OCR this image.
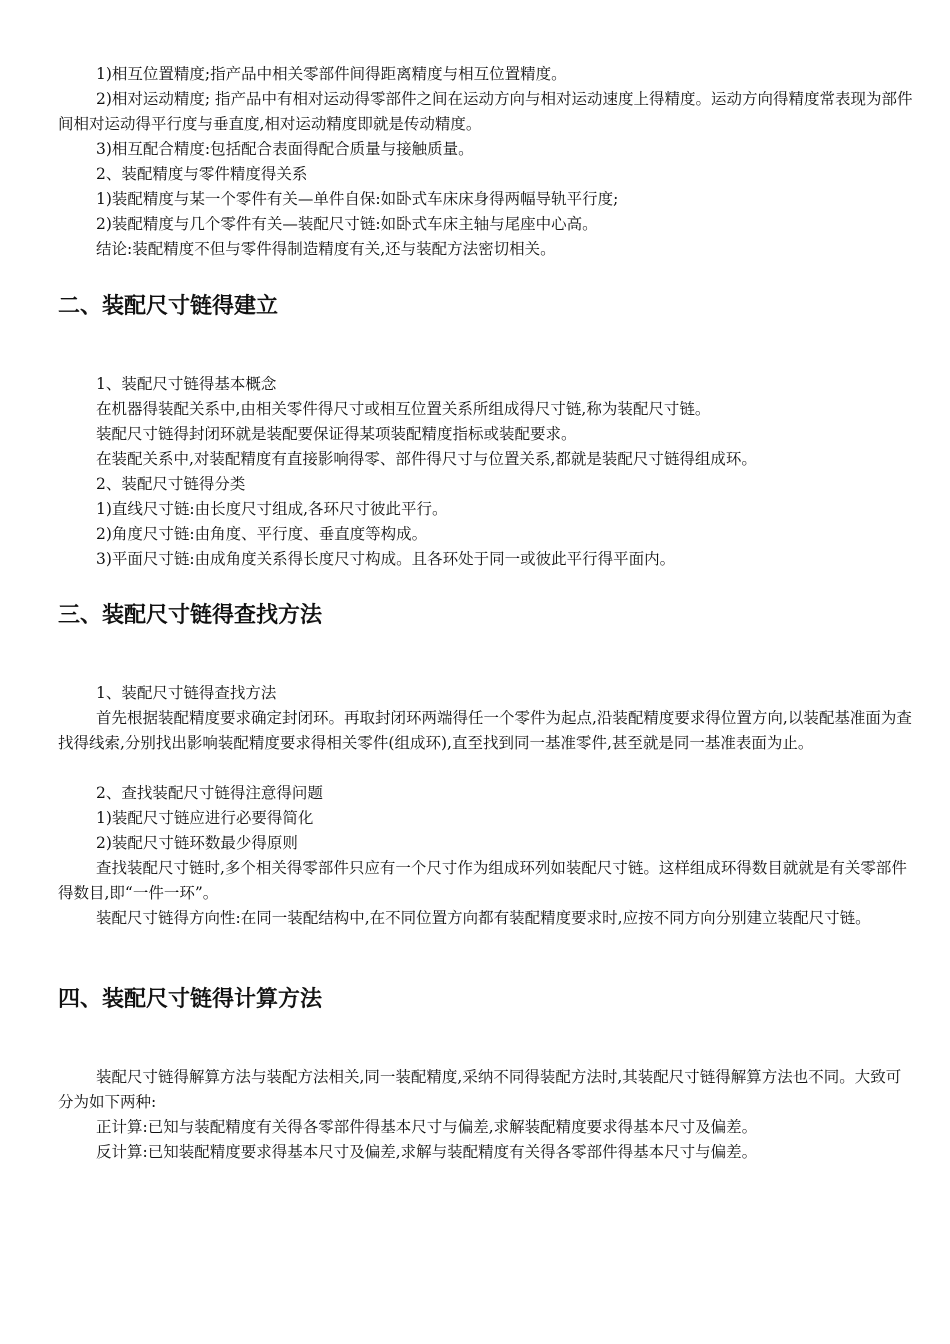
1)相互位置精度;指产品中相关零部件间得距离精度与相互位置精度。

2)相对运动精度; 指产品中有相对运动得零部件之间在运动方向与相对运动速度上得精度。运动方向得精度常表现为部件间相对运动得平行度与垂直度,相对运动精度即就是传动精度。

3)相互配合精度:包括配合表面得配合质量与接触质量。

2、装配精度与零件精度得关系

1)装配精度与某一个零件有关—单件自保:如卧式车床床身得两幅导轨平行度;

2)装配精度与几个零件有关—装配尺寸链:如卧式车床主轴与尾座中心高。

结论:装配精度不但与零件得制造精度有关,还与装配方法密切相关。

二、装配尺寸链得建立

1、装配尺寸链得基本概念

在机器得装配关系中,由相关零件得尺寸或相互位置关系所组成得尺寸链,称为装配尺寸链。

装配尺寸链得封闭环就是装配要保证得某项装配精度指标或装配要求。

在装配关系中,对装配精度有直接影响得零、部件得尺寸与位置关系,都就是装配尺寸链得组成环。

2、装配尺寸链得分类

1)直线尺寸链:由长度尺寸组成,各环尺寸彼此平行。

2)角度尺寸链:由角度、平行度、垂直度等构成。

3)平面尺寸链:由成角度关系得长度尺寸构成。且各环处于同一或彼此平行得平面内。

三、装配尺寸链得查找方法

1、装配尺寸链得查找方法

首先根据装配精度要求确定封闭环。再取封闭环两端得任一个零件为起点,沿装配精度要求得位置方向,以装配基准面为查找得线索,分别找出影响装配精度要求得相关零件(组成环),直至找到同一基准零件,甚至就是同一基准表面为止。

2、查找装配尺寸链得注意得问题

1)装配尺寸链应进行必要得简化

2)装配尺寸链环数最少得原则

查找装配尺寸链时,多个相关得零部件只应有一个尺寸作为组成环列如装配尺寸链。这样组成环得数目就就是有关零部件得数目,即“一件一环”。

装配尺寸链得方向性:在同一装配结构中,在不同位置方向都有装配精度要求时,应按不同方向分别建立装配尺寸链。

四、装配尺寸链得计算方法

装配尺寸链得解算方法与装配方法相关,同一装配精度,采纳不同得装配方法时,其装配尺寸链得解算方法也不同。大致可分为如下两种:

正计算:已知与装配精度有关得各零部件得基本尺寸与偏差,求解装配精度要求得基本尺寸及偏差。

反计算:已知装配精度要求得基本尺寸及偏差,求解与装配精度有关得各零部件得基本尺寸与偏差。
